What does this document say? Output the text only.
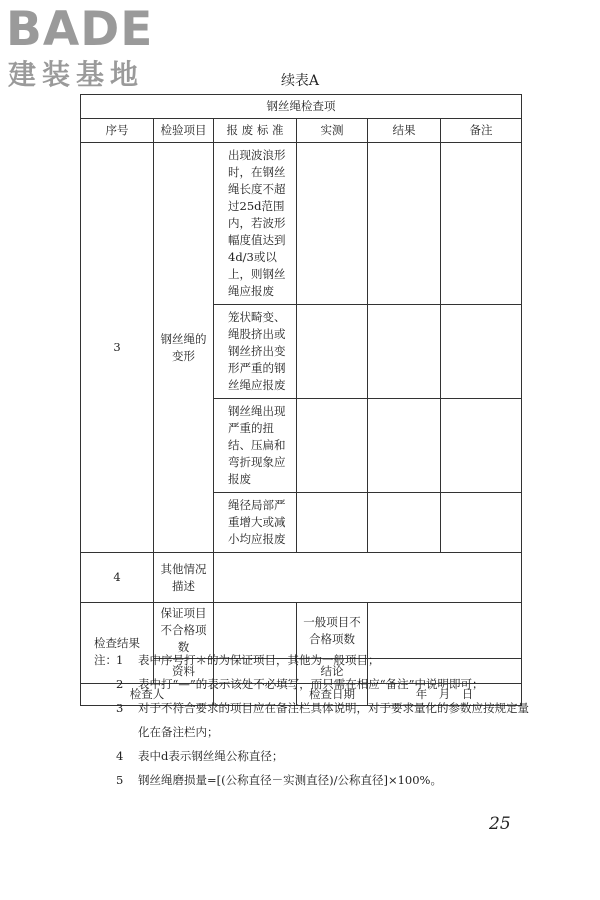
BADE
建装基地	续表A
钢丝绳检查项					
序号	检验项目	报 废 标 准	实测	结果	备注
3	钢丝绳的变形	出现波浪形时，在钢丝绳长度不超过25d范围内，若波形幅度值达到4d/3或以上，则钢丝绳应报废			
		笼状畸变、绳股挤出或钢丝挤出变形严重的钢丝绳应报废			
		钢丝绳出现严重的扭结、压扁和弯折现象应报废			
		绳径局部严重增大或减小均应报废			
4	其他情况描述				
检查结果	保证项目不合格项数		一般项目不合格项数		
	资料		结论		
检查人			检查日期	年　月　日	
注： 1 表中序号打＊的为保证项目，其他为一般项目；
2 表中打“—”的表示该处不必填写，而只需在相应“备注”中说明即可；
3 对于不符合要求的项目应在备注栏具体说明，对于要求量化的参数应按规定量化在备注栏内；
4 表中d表示钢丝绳公称直径；
5 钢丝绳磨损量=[(公称直径－实测直径)/公称直径]×100%。
25
